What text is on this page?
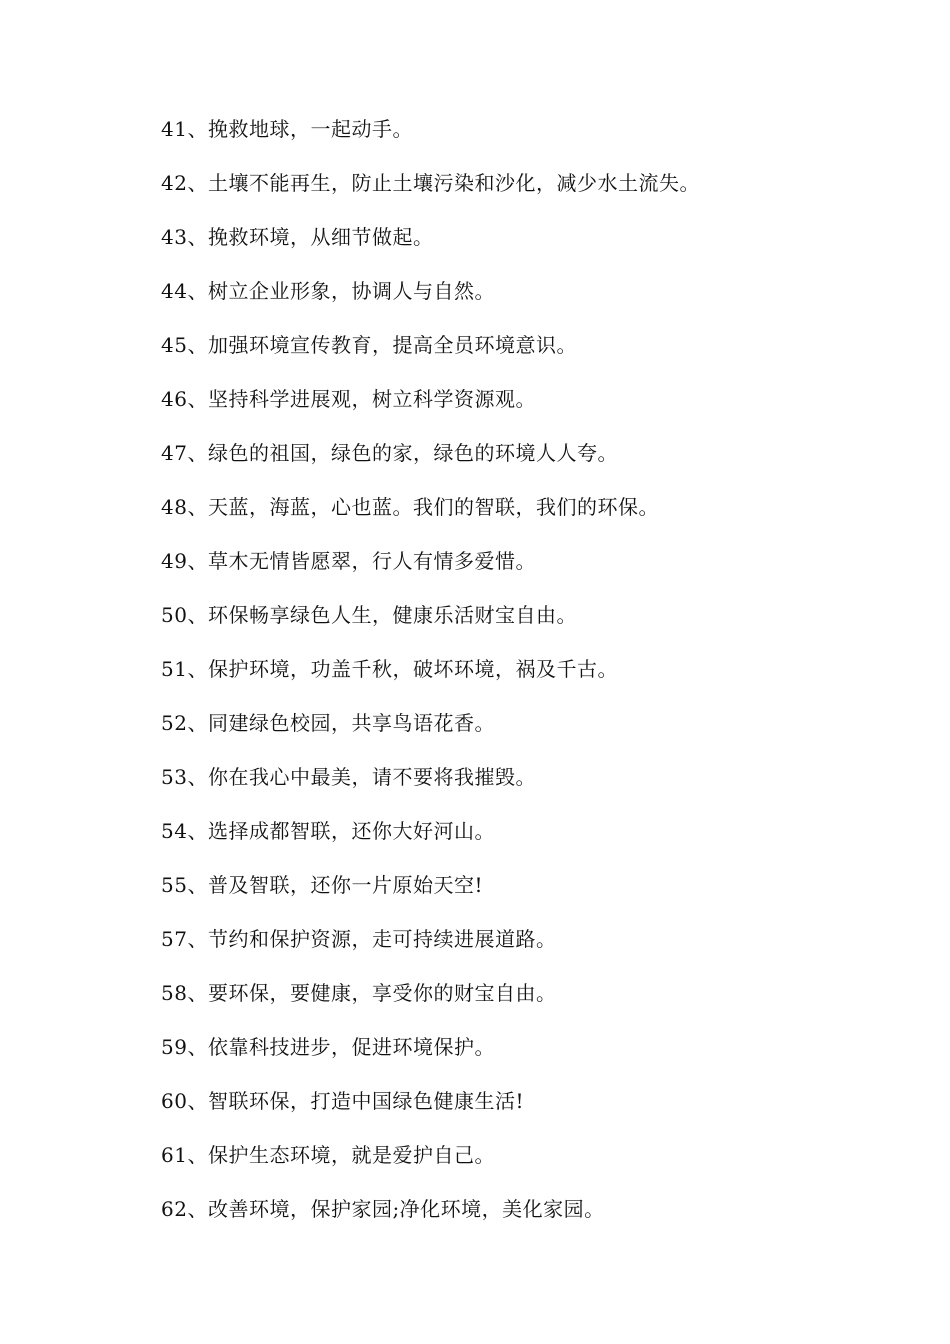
41、挽救地球，一起动手。
42、土壤不能再生，防止土壤污染和沙化，减少水土流失。
43、挽救环境，从细节做起。
44、树立企业形象，协调人与自然。
45、加强环境宣传教育，提高全员环境意识。
46、坚持科学进展观，树立科学资源观。
47、绿色的祖国，绿色的家，绿色的环境人人夸。
48、天蓝，海蓝，心也蓝。我们的智联，我们的环保。
49、草木无情皆愿翠，行人有情多爱惜。
50、环保畅享绿色人生，健康乐活财宝自由。
51、保护环境，功盖千秋，破坏环境，祸及千古。
52、同建绿色校园，共享鸟语花香。
53、你在我心中最美，请不要将我摧毁。
54、选择成都智联，还你大好河山。
55、普及智联，还你一片原始天空!
57、节约和保护资源，走可持续进展道路。
58、要环保，要健康，享受你的财宝自由。
59、依靠科技进步，促进环境保护。
60、智联环保，打造中国绿色健康生活!
61、保护生态环境，就是爱护自己。
62、改善环境，保护家园;净化环境，美化家园。
